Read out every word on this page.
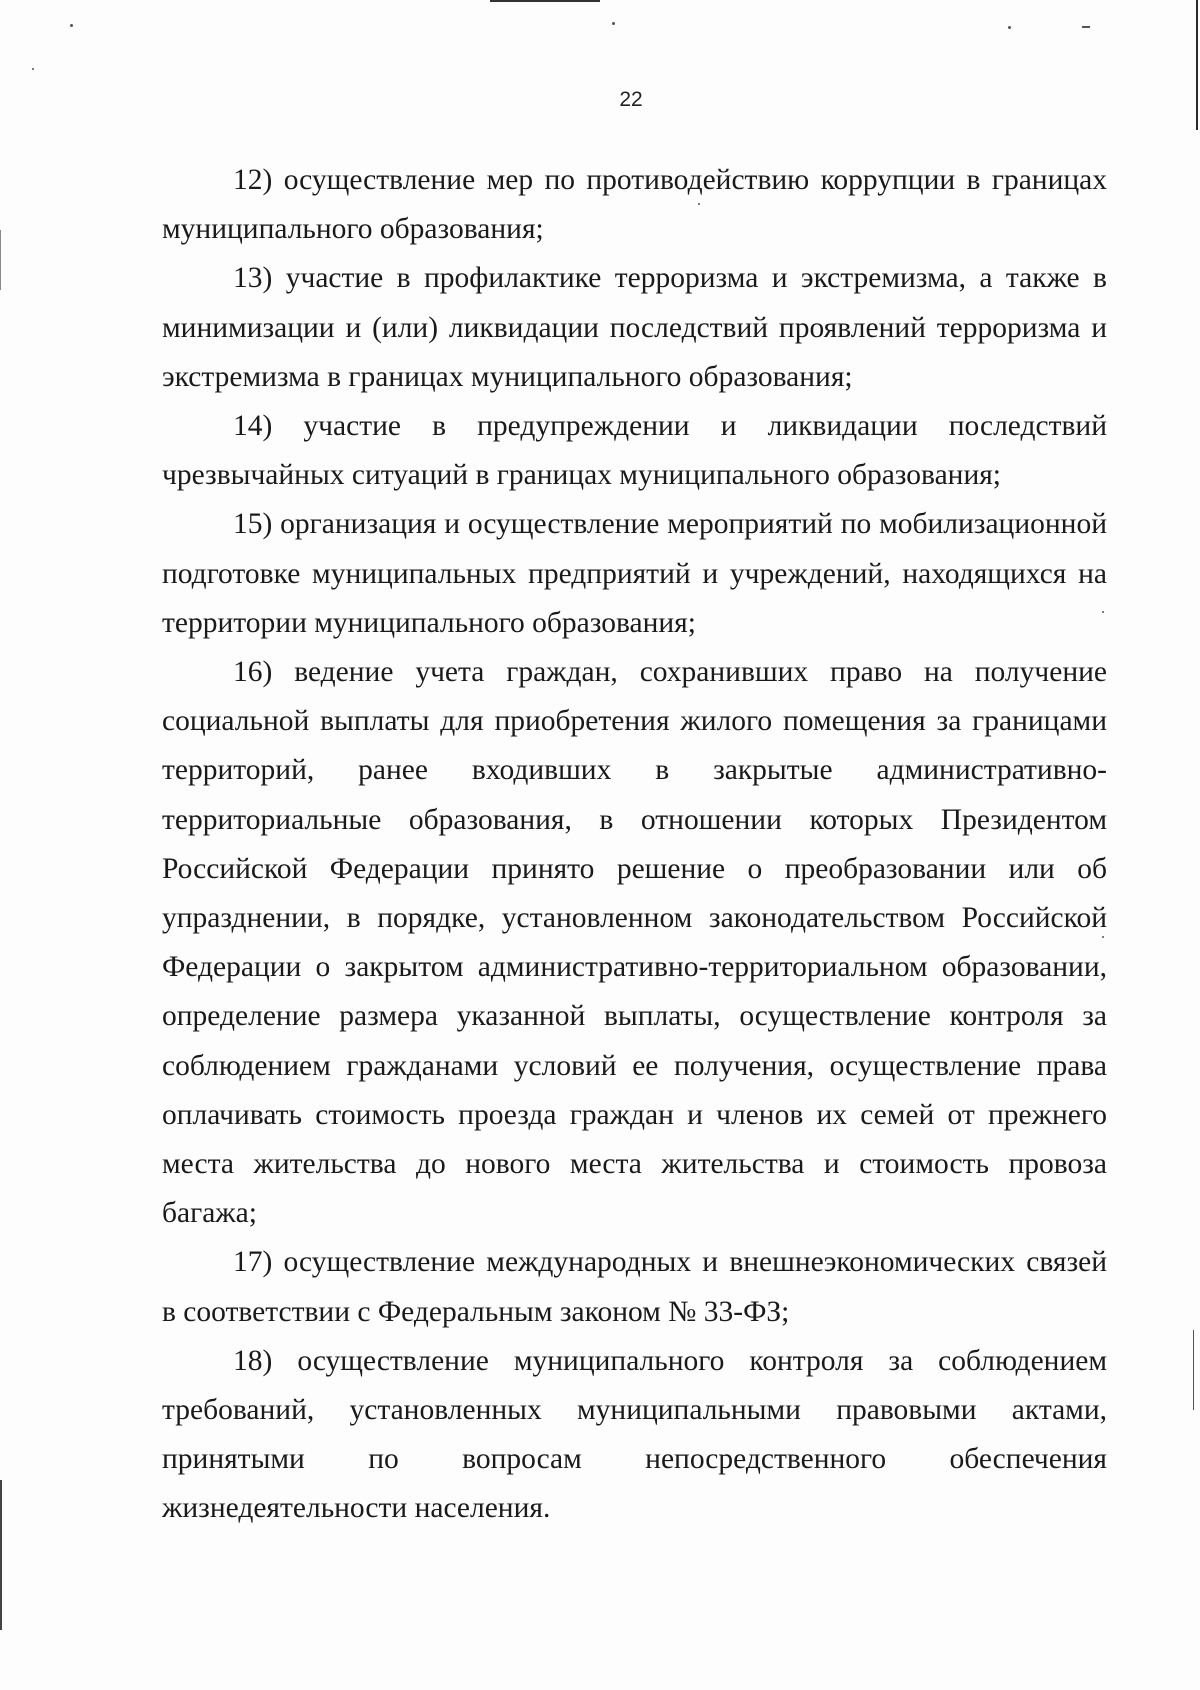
22

12) осуществление мер по противодействию коррупции в границах муниципального образования;

13) участие в профилактике терроризма и экстремизма, а также в минимизации и (или) ликвидации последствий проявлений терроризма и экстремизма в границах муниципального образования;

14) участие в предупреждении и ликвидации последствий чрезвычайных ситуаций в границах муниципального образования;

15) организация и осуществление мероприятий по мобилизационной подготовке муниципальных предприятий и учреждений, находящихся на территории муниципального образования;

16) ведение учета граждан, сохранивших право на получение социальной выплаты для приобретения жилого помещения за границами территорий, ранее входивших в закрытые административно-территориальные образования, в отношении которых Президентом Российской Федерации принято решение о преобразовании или об упразднении, в порядке, установленном законодательством Российской Федерации о закрытом административно-территориальном образовании, определение размера указанной выплаты, осуществление контроля за соблюдением гражданами условий ее получения, осуществление права оплачивать стоимость проезда граждан и членов их семей от прежнего места жительства до нового места жительства и стоимость провоза багажа;

17) осуществление международных и внешнеэкономических связей в соответствии с Федеральным законом № 33-ФЗ;

18) осуществление муниципального контроля за соблюдением требований, установленных муниципальными правовыми актами, принятыми по вопросам непосредственного обеспечения жизнедеятельности населения.
